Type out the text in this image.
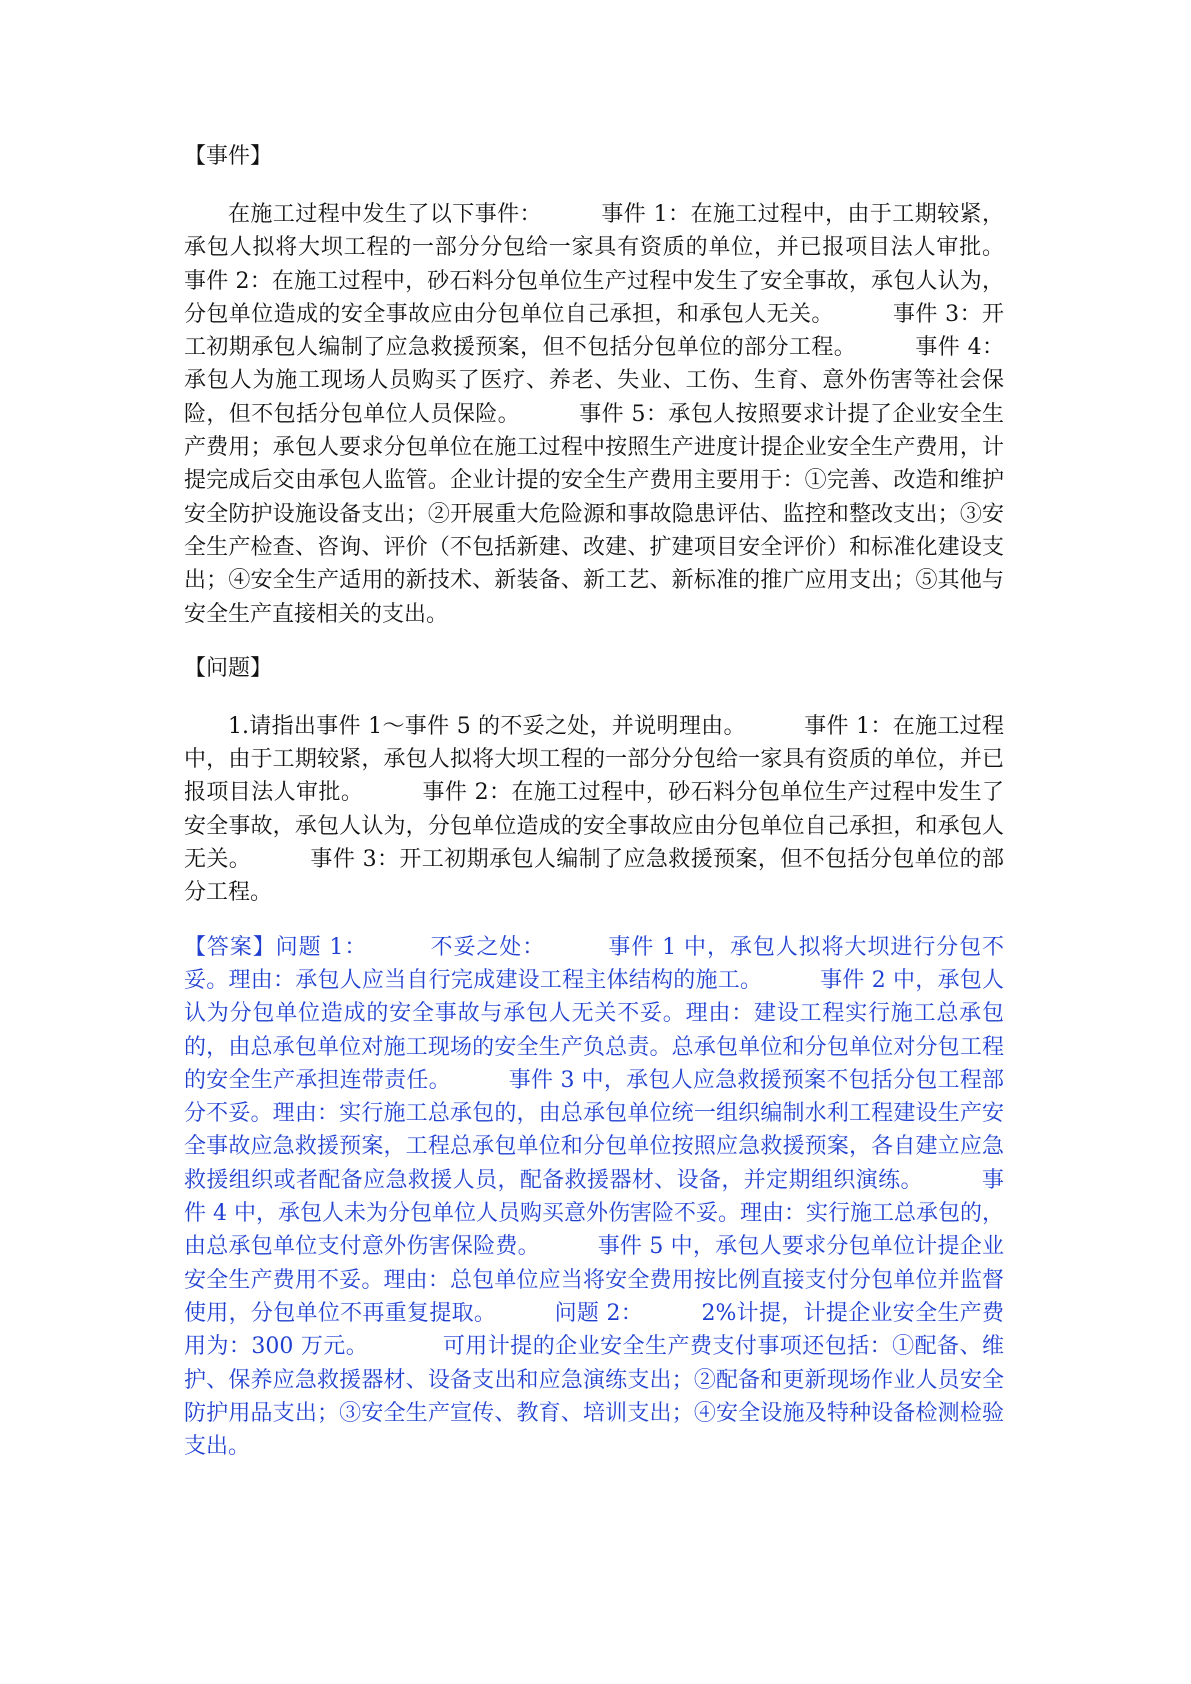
【事件】

在施工过程中发生了以下事件：        事件 1：在施工过程中，由于工期较紧，承包人拟将大坝工程的一部分分包给一家具有资质的单位，并已报项目法人审批。        事件 2：在施工过程中，砂石料分包单位生产过程中发生了安全事故，承包人认为，分包单位造成的安全事故应由分包单位自己承担，和承包人无关。        事件 3：开工初期承包人编制了应急救援预案，但不包括分包单位的部分工程。        事件 4：承包人为施工现场人员购买了医疗、养老、失业、工伤、生育、意外伤害等社会保险，但不包括分包单位人员保险。        事件 5：承包人按照要求计提了企业安全生产费用；承包人要求分包单位在施工过程中按照生产进度计提企业安全生产费用，计提完成后交由承包人监管。企业计提的安全生产费用主要用于：①完善、改造和维护安全防护设施设备支出；②开展重大危险源和事故隐患评估、监控和整改支出；③安全生产检查、咨询、评价（不包括新建、改建、扩建项目安全评价）和标准化建设支出；④安全生产适用的新技术、新装备、新工艺、新标准的推广应用支出；⑤其他与安全生产直接相关的支出。

【问题】

1.请指出事件 1～事件 5 的不妥之处，并说明理由。        事件 1：在施工过程中，由于工期较紧，承包人拟将大坝工程的一部分分包给一家具有资质的单位，并已报项目法人审批。        事件 2：在施工过程中，砂石料分包单位生产过程中发生了安全事故，承包人认为，分包单位造成的安全事故应由分包单位自己承担，和承包人无关。        事件 3：开工初期承包人编制了应急救援预案，但不包括分包单位的部分工程。

【答案】问题 1：        不妥之处：        事件 1 中，承包人拟将大坝进行分包不妥。理由：承包人应当自行完成建设工程主体结构的施工。        事件 2 中，承包人认为分包单位造成的安全事故与承包人无关不妥。理由：建设工程实行施工总承包的，由总承包单位对施工现场的安全生产负总责。总承包单位和分包单位对分包工程的安全生产承担连带责任。        事件 3 中，承包人应急救援预案不包括分包工程部分不妥。理由：实行施工总承包的，由总承包单位统一组织编制水利工程建设生产安全事故应急救援预案，工程总承包单位和分包单位按照应急救援预案，各自建立应急救援组织或者配备应急救援人员，配备救援器材、设备，并定期组织演练。        事件 4 中，承包人未为分包单位人员购买意外伤害险不妥。理由：实行施工总承包的，由总承包单位支付意外伤害保险费。        事件 5 中，承包人要求分包单位计提企业安全生产费用不妥。理由：总包单位应当将安全费用按比例直接支付分包单位并监督使用，分包单位不再重复提取。        问题 2：        2%计提，计提企业安全生产费用为：300 万元。          可用计提的企业安全生产费支付事项还包括：①配备、维护、保养应急救援器材、设备支出和应急演练支出；②配备和更新现场作业人员安全防护用品支出；③安全生产宣传、教育、培训支出；④安全设施及特种设备检测检验支出。
